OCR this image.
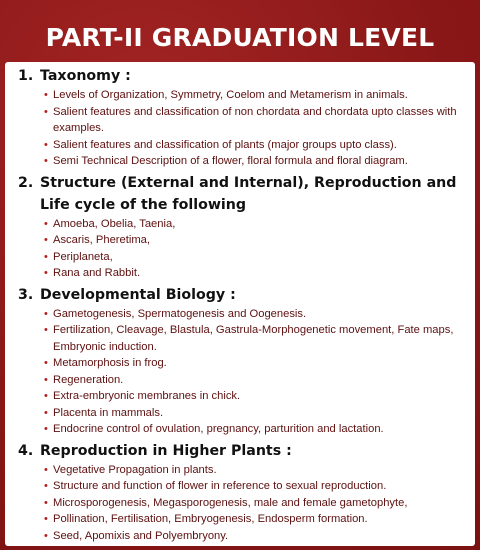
PART-II GRADUATION LEVEL
1. Taxonomy :
• Levels of Organization, Symmetry, Coelom and Metamerism in animals.
• Salient features and classification of non chordata and chordata upto classes with examples.
• Salient features and classification of plants (major groups upto class).
• Semi Technical Description of a flower, floral formula and floral diagram.
2. Structure (External and Internal), Reproduction and Life cycle of the following
• Amoeba, Obelia, Taenia,
• Ascaris, Pheretima,
• Periplaneta,
• Rana and Rabbit.
3. Developmental Biology :
• Gametogenesis, Spermatogenesis and Oogenesis.
• Fertilization, Cleavage, Blastula, Gastrula-Morphogenetic movement, Fate maps, Embryonic induction.
• Metamorphosis in frog.
• Regeneration.
• Extra-embryonic membranes in chick.
• Placenta in mammals.
• Endocrine control of ovulation, pregnancy, parturition and lactation.
4. Reproduction in Higher Plants :
• Vegetative Propagation in plants.
• Structure and function of flower in reference to sexual reproduction.
• Microsporogenesis, Megasporogenesis, male and female gametophyte,
• Pollination, Fertilisation, Embryogenesis, Endosperm formation.
• Seed, Apomixis and Polyembryony.
